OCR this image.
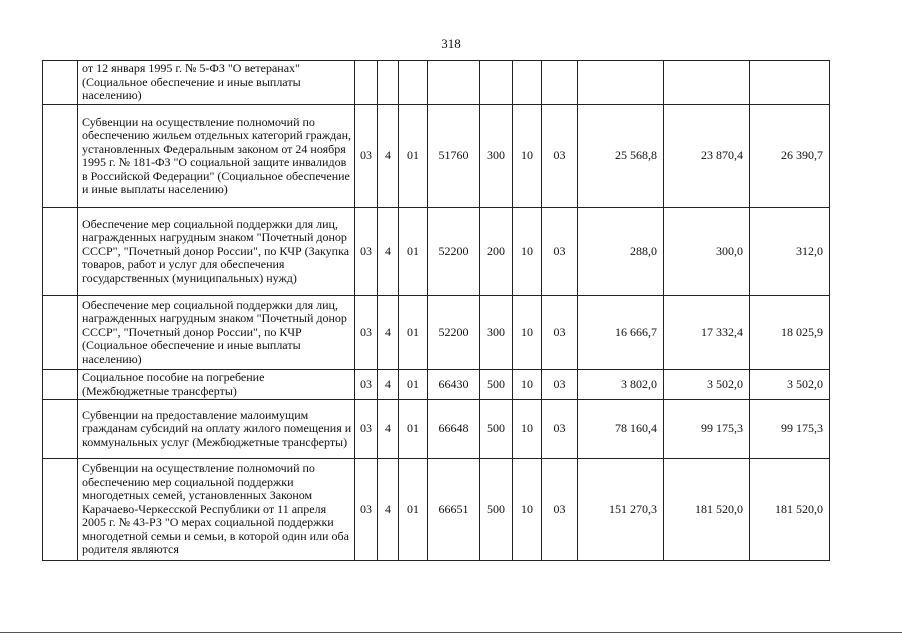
318
	от 12 января 1995 г. № 5-ФЗ "О ветеранах" (Социальное обеспечение и иные выплаты населению)										
	Субвенции на осуществление полномочий по обеспечению жильем отдельных категорий граждан, установленных Федеральным законом от 24 ноября 1995 г. № 181-ФЗ "О социальной защите инвалидов в Российской Федерации" (Социальное обеспечение и иные выплаты населению)	03	4	01	51760	300	10	03	25 568,8	23 870,4	26 390,7
	Обеспечение мер социальной поддержки для лиц, награжденных нагрудным знаком "Почетный донор СССР", "Почетный донор России", по КЧР (Закупка товаров, работ и услуг для обеспечения государственных (муниципальных) нужд)	03	4	01	52200	200	10	03	288,0	300,0	312,0
	Обеспечение мер социальной поддержки для лиц, награжденных нагрудным знаком "Почетный донор СССР", "Почетный донор России", по КЧР (Социальное обеспечение и иные выплаты населению)	03	4	01	52200	300	10	03	16 666,7	17 332,4	18 025,9
	Социальное пособие на погребение (Межбюджетные трансферты)	03	4	01	66430	500	10	03	3 802,0	3 502,0	3 502,0
	Субвенции на предоставление малоимущим гражданам субсидий на оплату жилого помещения и коммунальных услуг (Межбюджетные трансферты)	03	4	01	66648	500	10	03	78 160,4	99 175,3	99 175,3
	Субвенции на осуществление полномочий по обеспечению мер социальной поддержки многодетных семей, установленных Законом Карачаево-Черкесской Республики от 11 апреля 2005 г. № 43-РЗ "О мерах социальной поддержки многодетной семьи и семьи, в которой один или оба родителя являются	03	4	01	66651	500	10	03	151 270,3	181 520,0	181 520,0
